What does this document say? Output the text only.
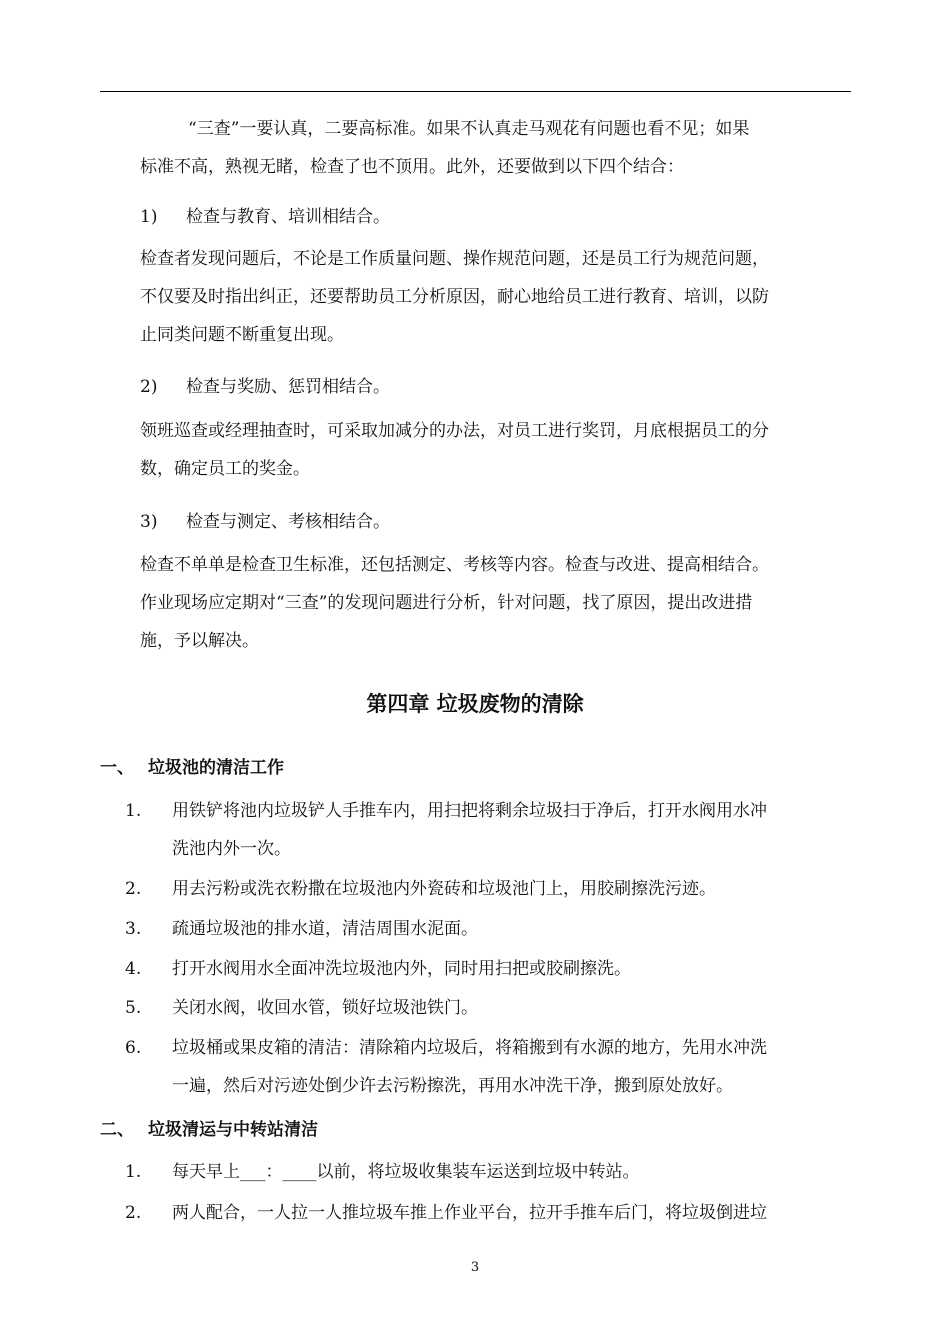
“三查”一要认真，二要高标准。如果不认真走马观花有问题也看不见；如果
标准不高，熟视无睹，检查了也不顶用。此外，还要做到以下四个结合：
1) 检查与教育、培训相结合。
检查者发现问题后，不论是工作质量问题、操作规范问题，还是员工行为规范问题，
不仅要及时指出纠正，还要帮助员工分析原因，耐心地给员工进行教育、培训，以防
止同类问题不断重复出现。
2) 检查与奖励、惩罚相结合。
领班巡查或经理抽查时，可采取加减分的办法，对员工进行奖罚，月底根据员工的分
数，确定员工的奖金。
3) 检查与测定、考核相结合。
检查不单单是检查卫生标准，还包括测定、考核等内容。检查与改进、提高相结合。
作业现场应定期对“三查”的发现问题进行分析，针对问题，找了原因，提出改进措
施，予以解决。
第四章 垃圾废物的清除
一、 垃圾池的清洁工作
1.	用铁铲将池内垃圾铲人手推车内，用扫把将剩余垃圾扫于净后，打开水阀用水冲
洗池内外一次。
2.	用去污粉或洗衣粉撒在垃圾池内外瓷砖和垃圾池门上，用胶刷擦洗污迹。
3.	疏通垃圾池的排水道，清洁周围水泥面。
4.	打开水阀用水全面冲洗垃圾池内外，同时用扫把或胶刷擦洗。
5.	关闭水阀，收回水管，锁好垃圾池铁门。
6.	垃圾桶或果皮箱的清洁：清除箱内垃圾后，将箱搬到有水源的地方，先用水冲洗
一遍，然后对污迹处倒少许去污粉擦洗，再用水冲洗干净，搬到原处放好。
二、 垃圾清运与中转站清洁
1.	每天早上___：____以前，将垃圾收集装车运送到垃圾中转站。
2.	两人配合，一人拉一人推垃圾车推上作业平台，拉开手推车后门，将垃圾倒进垃
3
